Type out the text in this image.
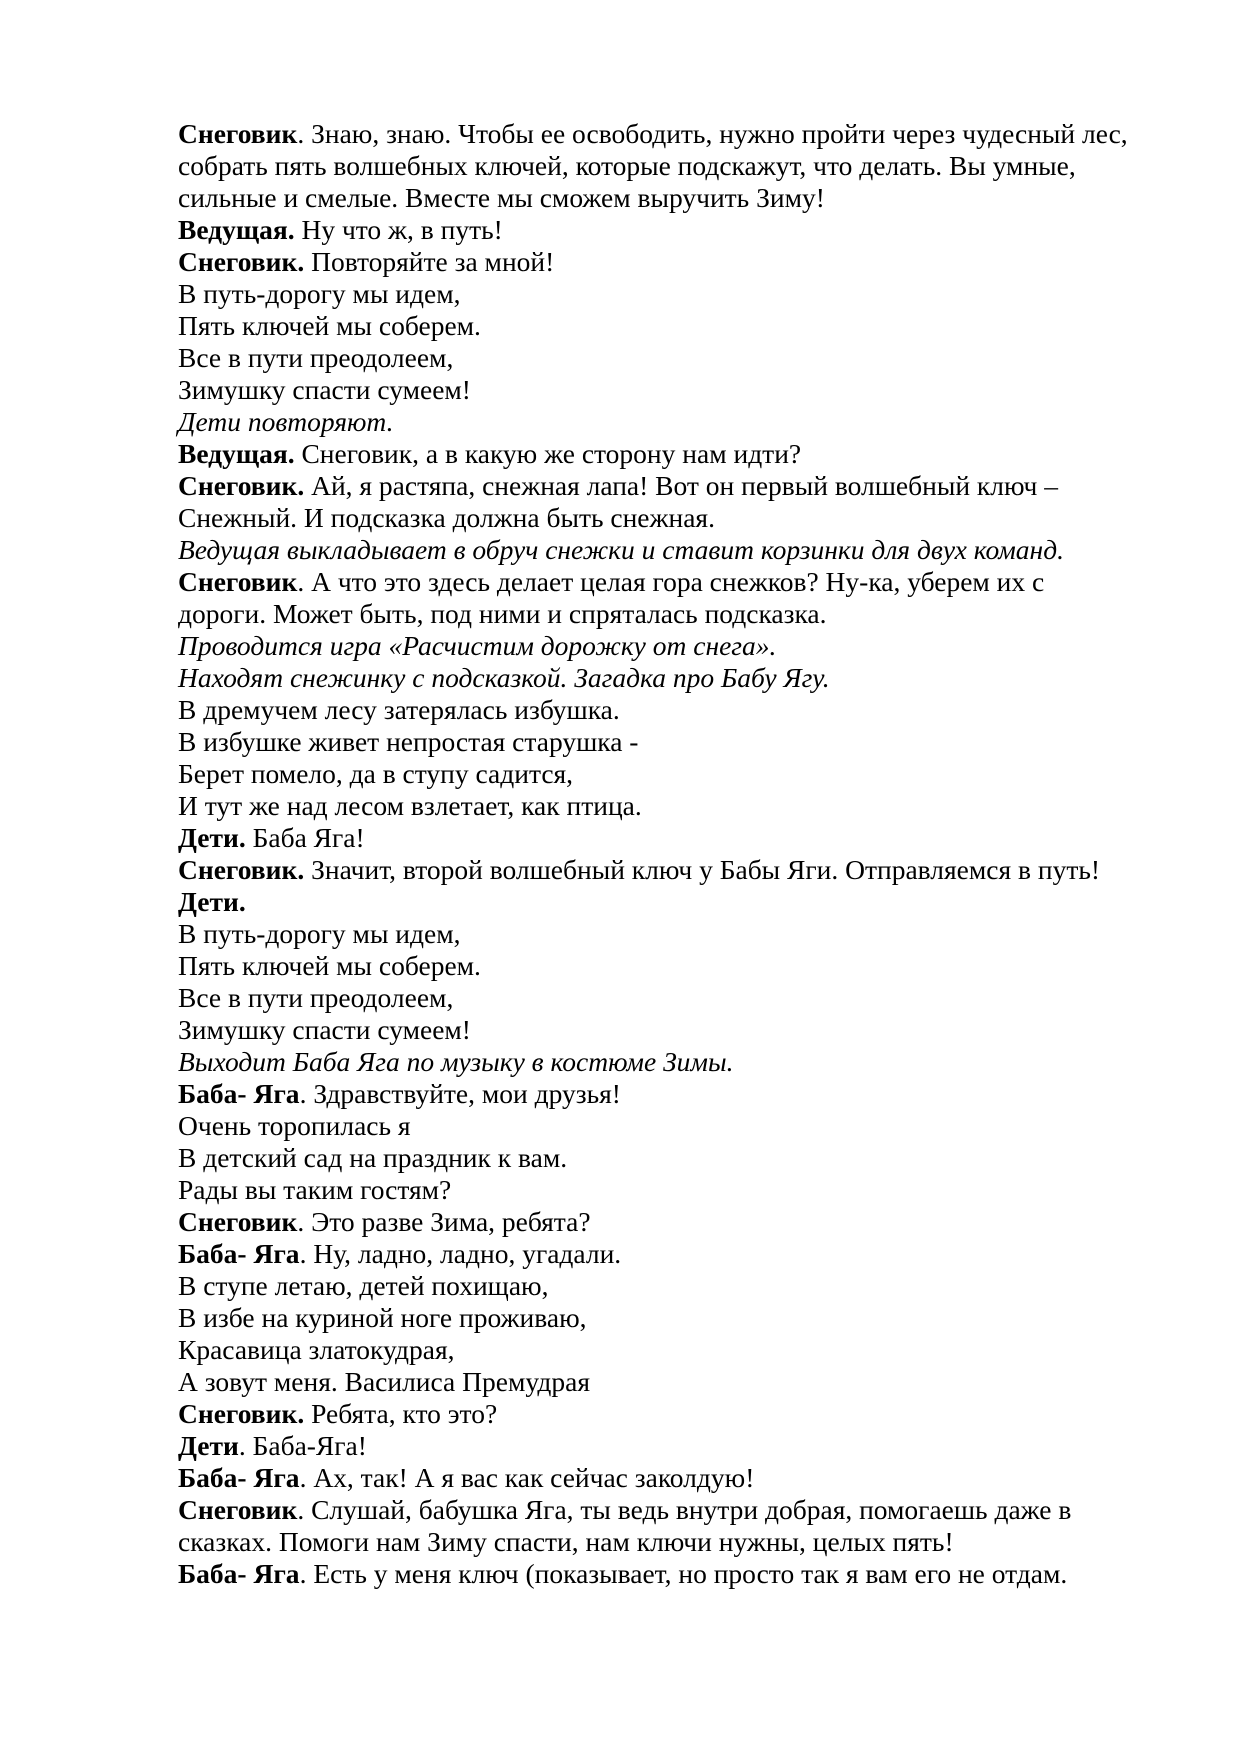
Снеговик. Знаю, знаю. Чтобы ее освободить, нужно пройти через чудесный лес,
собрать пять волшебных ключей, которые подскажут, что делать. Вы умные,
сильные и смелые. Вместе мы сможем выручить Зиму!
Ведущая. Ну что ж, в путь!
Снеговик. Повторяйте за мной!
В путь-дорогу мы идем,
Пять ключей мы соберем.
Все в пути преодолеем,
Зимушку спасти сумеем!
Дети повторяют.
Ведущая. Снеговик, а в какую же сторону нам идти?
Снеговик. Ай, я растяпа, снежная лапа! Вот он первый волшебный ключ –
Снежный. И подсказка должна быть снежная.
Ведущая выкладывает в обруч снежки и ставит корзинки для двух команд.
Снеговик. А что это здесь делает целая гора снежков? Ну-ка, уберем их с
дороги. Может быть, под ними и спряталась подсказка.
Проводится игра «Расчистим дорожку от снега».
Находят снежинку с подсказкой. Загадка про Бабу Ягу.
В дремучем лесу затерялась избушка.
В избушке живет непростая старушка -
Берет помело, да в ступу садится,
И тут же над лесом взлетает, как птица.
Дети. Баба Яга!
Снеговик. Значит, второй волшебный ключ у Бабы Яги. Отправляемся в путь!
Дети.
В путь-дорогу мы идем,
Пять ключей мы соберем.
Все в пути преодолеем,
Зимушку спасти сумеем!
Выходит Баба Яга по музыку в костюме Зимы.
Баба- Яга. Здравствуйте, мои друзья!
Очень торопилась я
В детский сад на праздник к вам.
Рады вы таким гостям?
Снеговик. Это разве Зима, ребята?
Баба- Яга. Ну, ладно, ладно, угадали.
В ступе летаю, детей похищаю,
В избе на куриной ноге проживаю,
Красавица златокудрая,
А зовут меня. Василиса Премудрая
Снеговик. Ребята, кто это?
Дети. Баба-Яга!
Баба- Яга. Ах, так! А я вас как сейчас заколдую!
Снеговик. Слушай, бабушка Яга, ты ведь внутри добрая, помогаешь даже в
сказках. Помоги нам Зиму спасти, нам ключи нужны, целых пять!
Баба- Яга. Есть у меня ключ (показывает, но просто так я вам его не отдам.
